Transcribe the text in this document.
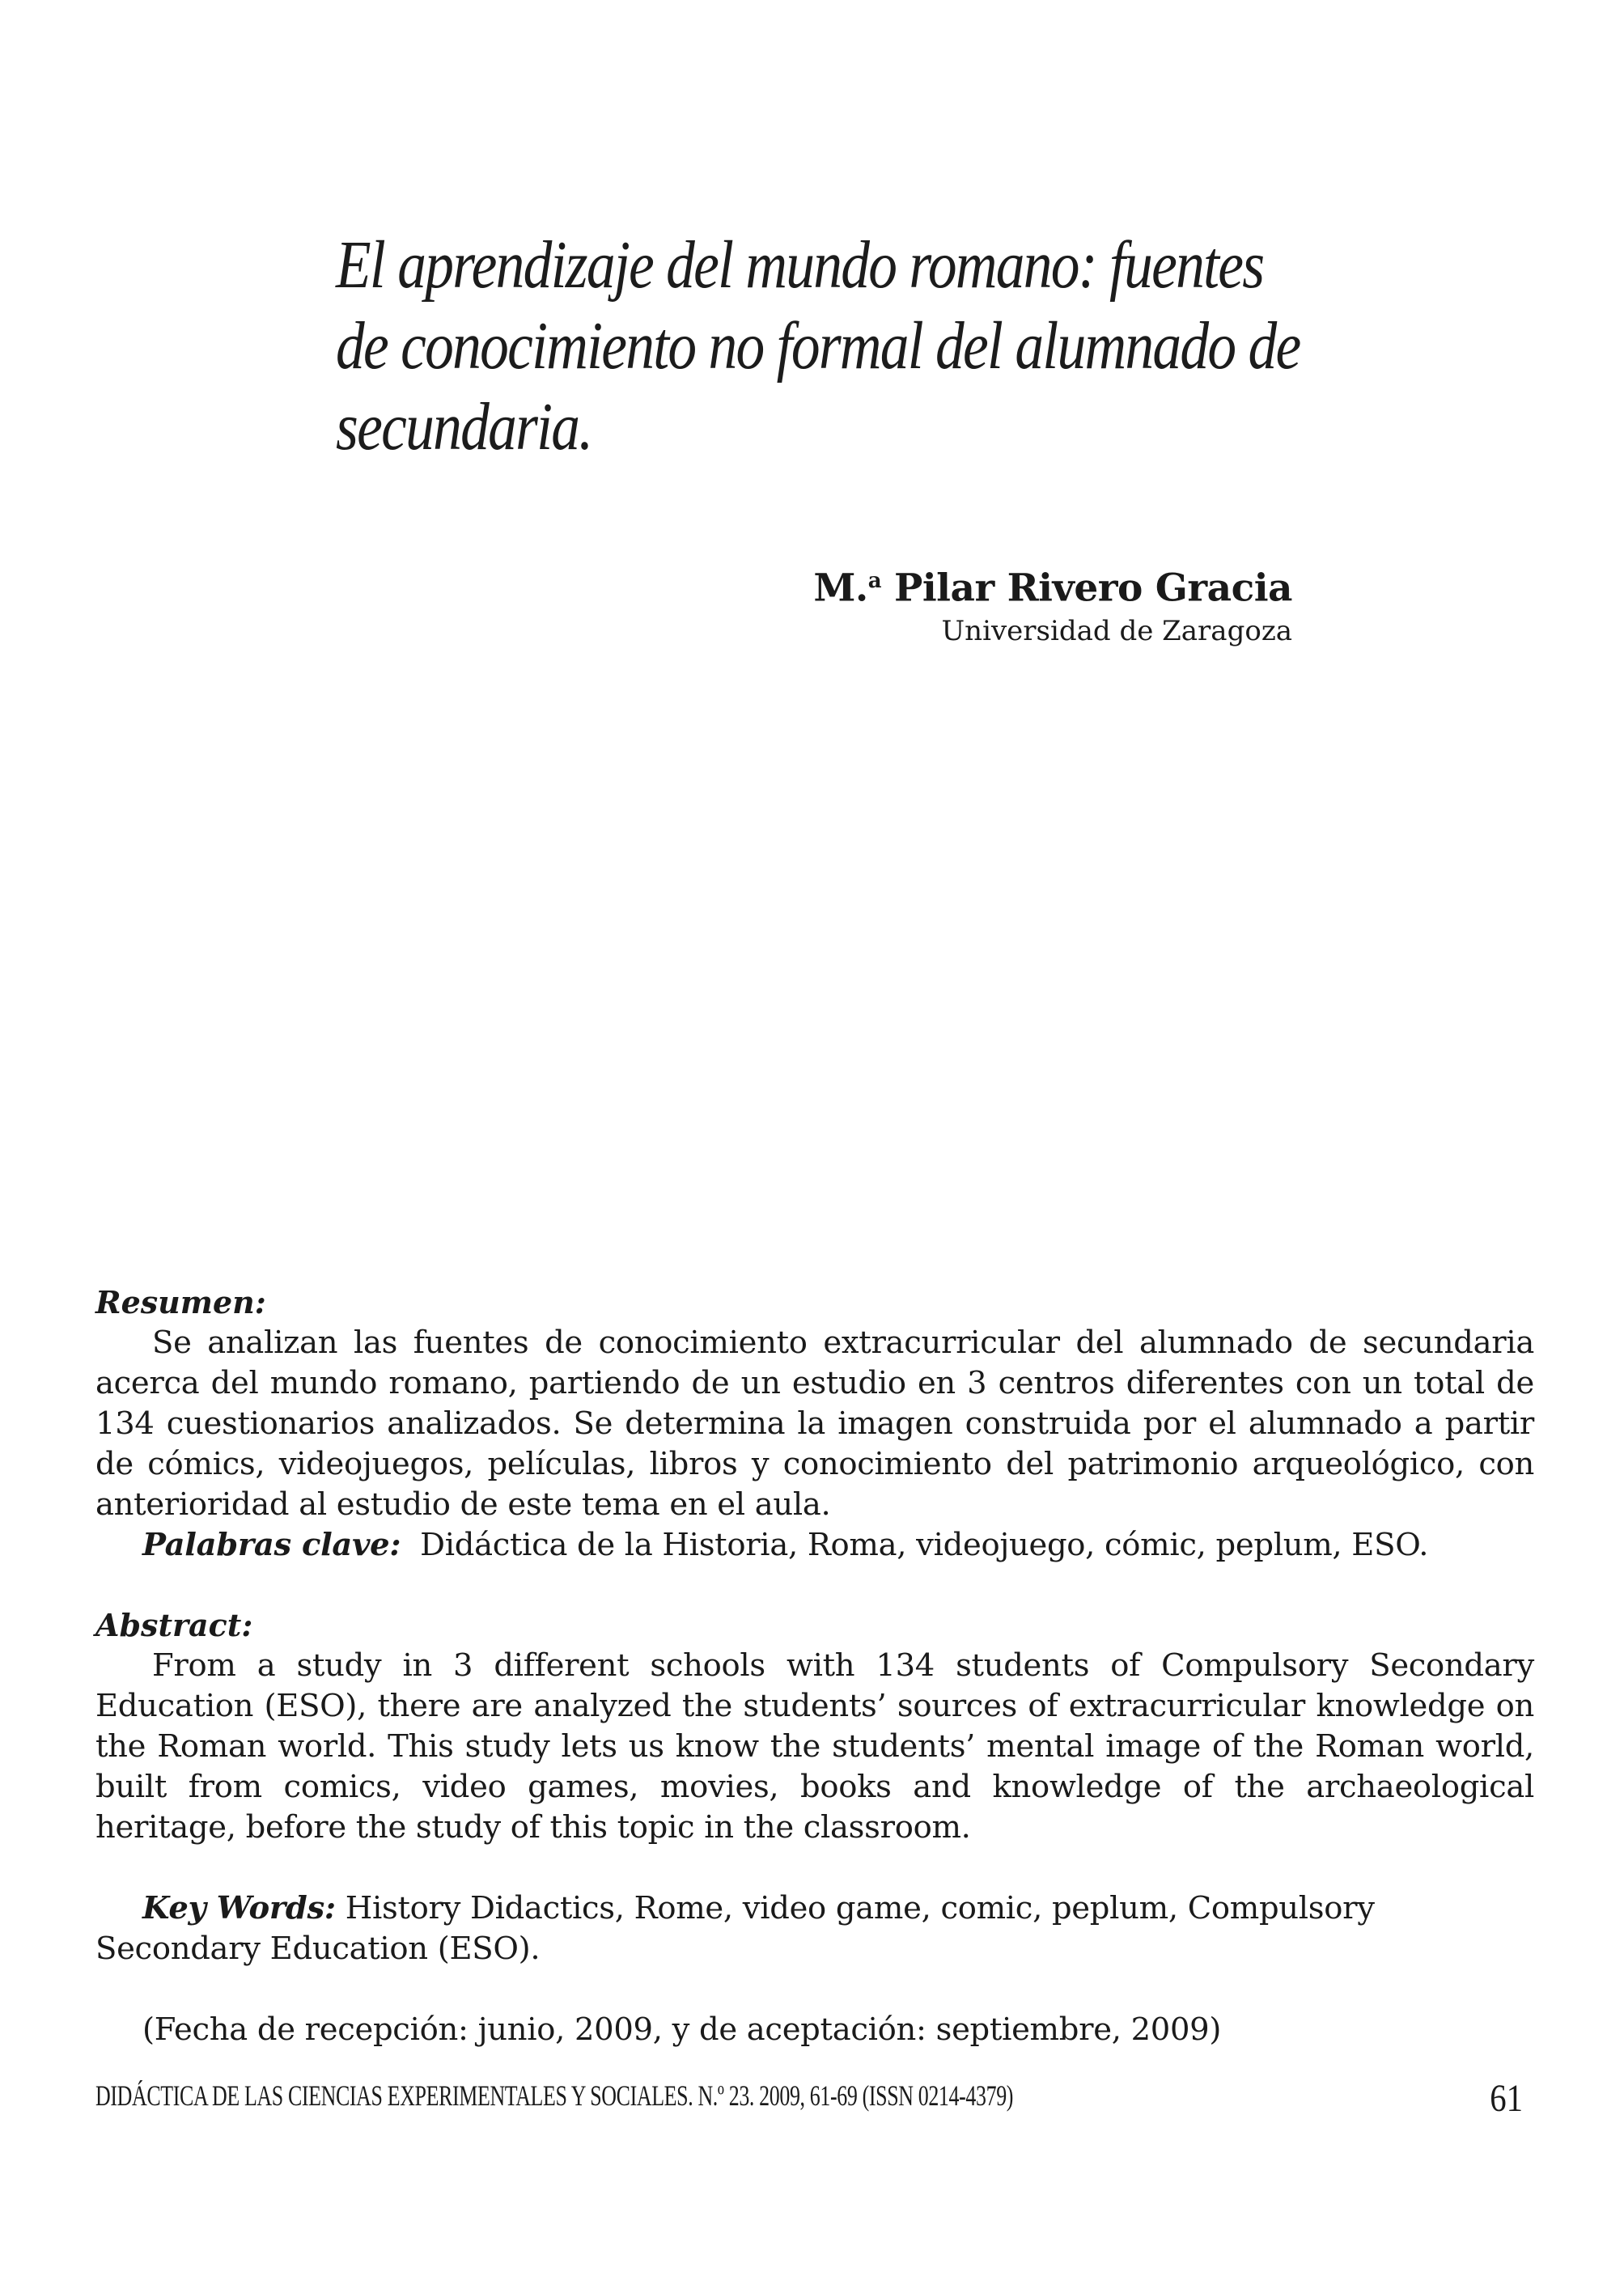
El aprendizaje del mundo romano: fuentes
de conocimiento no formal del alumnado de
secundaria.
M.$^a$ Pilar Rivero Gracia
Universidad de Zaragoza
Resumen:

Se analizan las fuentes de conocimiento extracurricular del alumnado de secundaria acerca del mundo romano, partiendo de un estudio en 3 centros diferentes con un total de 134 cuestionarios analizados. Se determina la imagen construida por el alumnado a partir de cómics, videojuegos, películas, libros y conocimiento del patrimonio arqueológico, con anterioridad al estudio de este tema en el aula.

Palabras clave: Didáctica de la Historia, Roma, videojuego, cómic, peplum, ESO.

Abstract:

From a study in 3 different schools with 134 students of Compulsory Secondary Education (ESO), there are analyzed the students’ sources of extracurricular knowledge on the Roman world. This study lets us know the students’ mental image of the Roman world, built from comics, video games, movies, books and knowledge of the archaeological heritage, before the study of this topic in the classroom.

Key Words: History Didactics, Rome, video game, comic, peplum, Compulsory Secondary Education (ESO).

(Fecha de recepción: junio, 2009, y de aceptación: septiembre, 2009)

DIDÁCTICA DE LAS CIENCIAS EXPERIMENTALES Y SOCIALES. N.º 23. 2009, 61-69 (ISSN 0214-4379)	61
